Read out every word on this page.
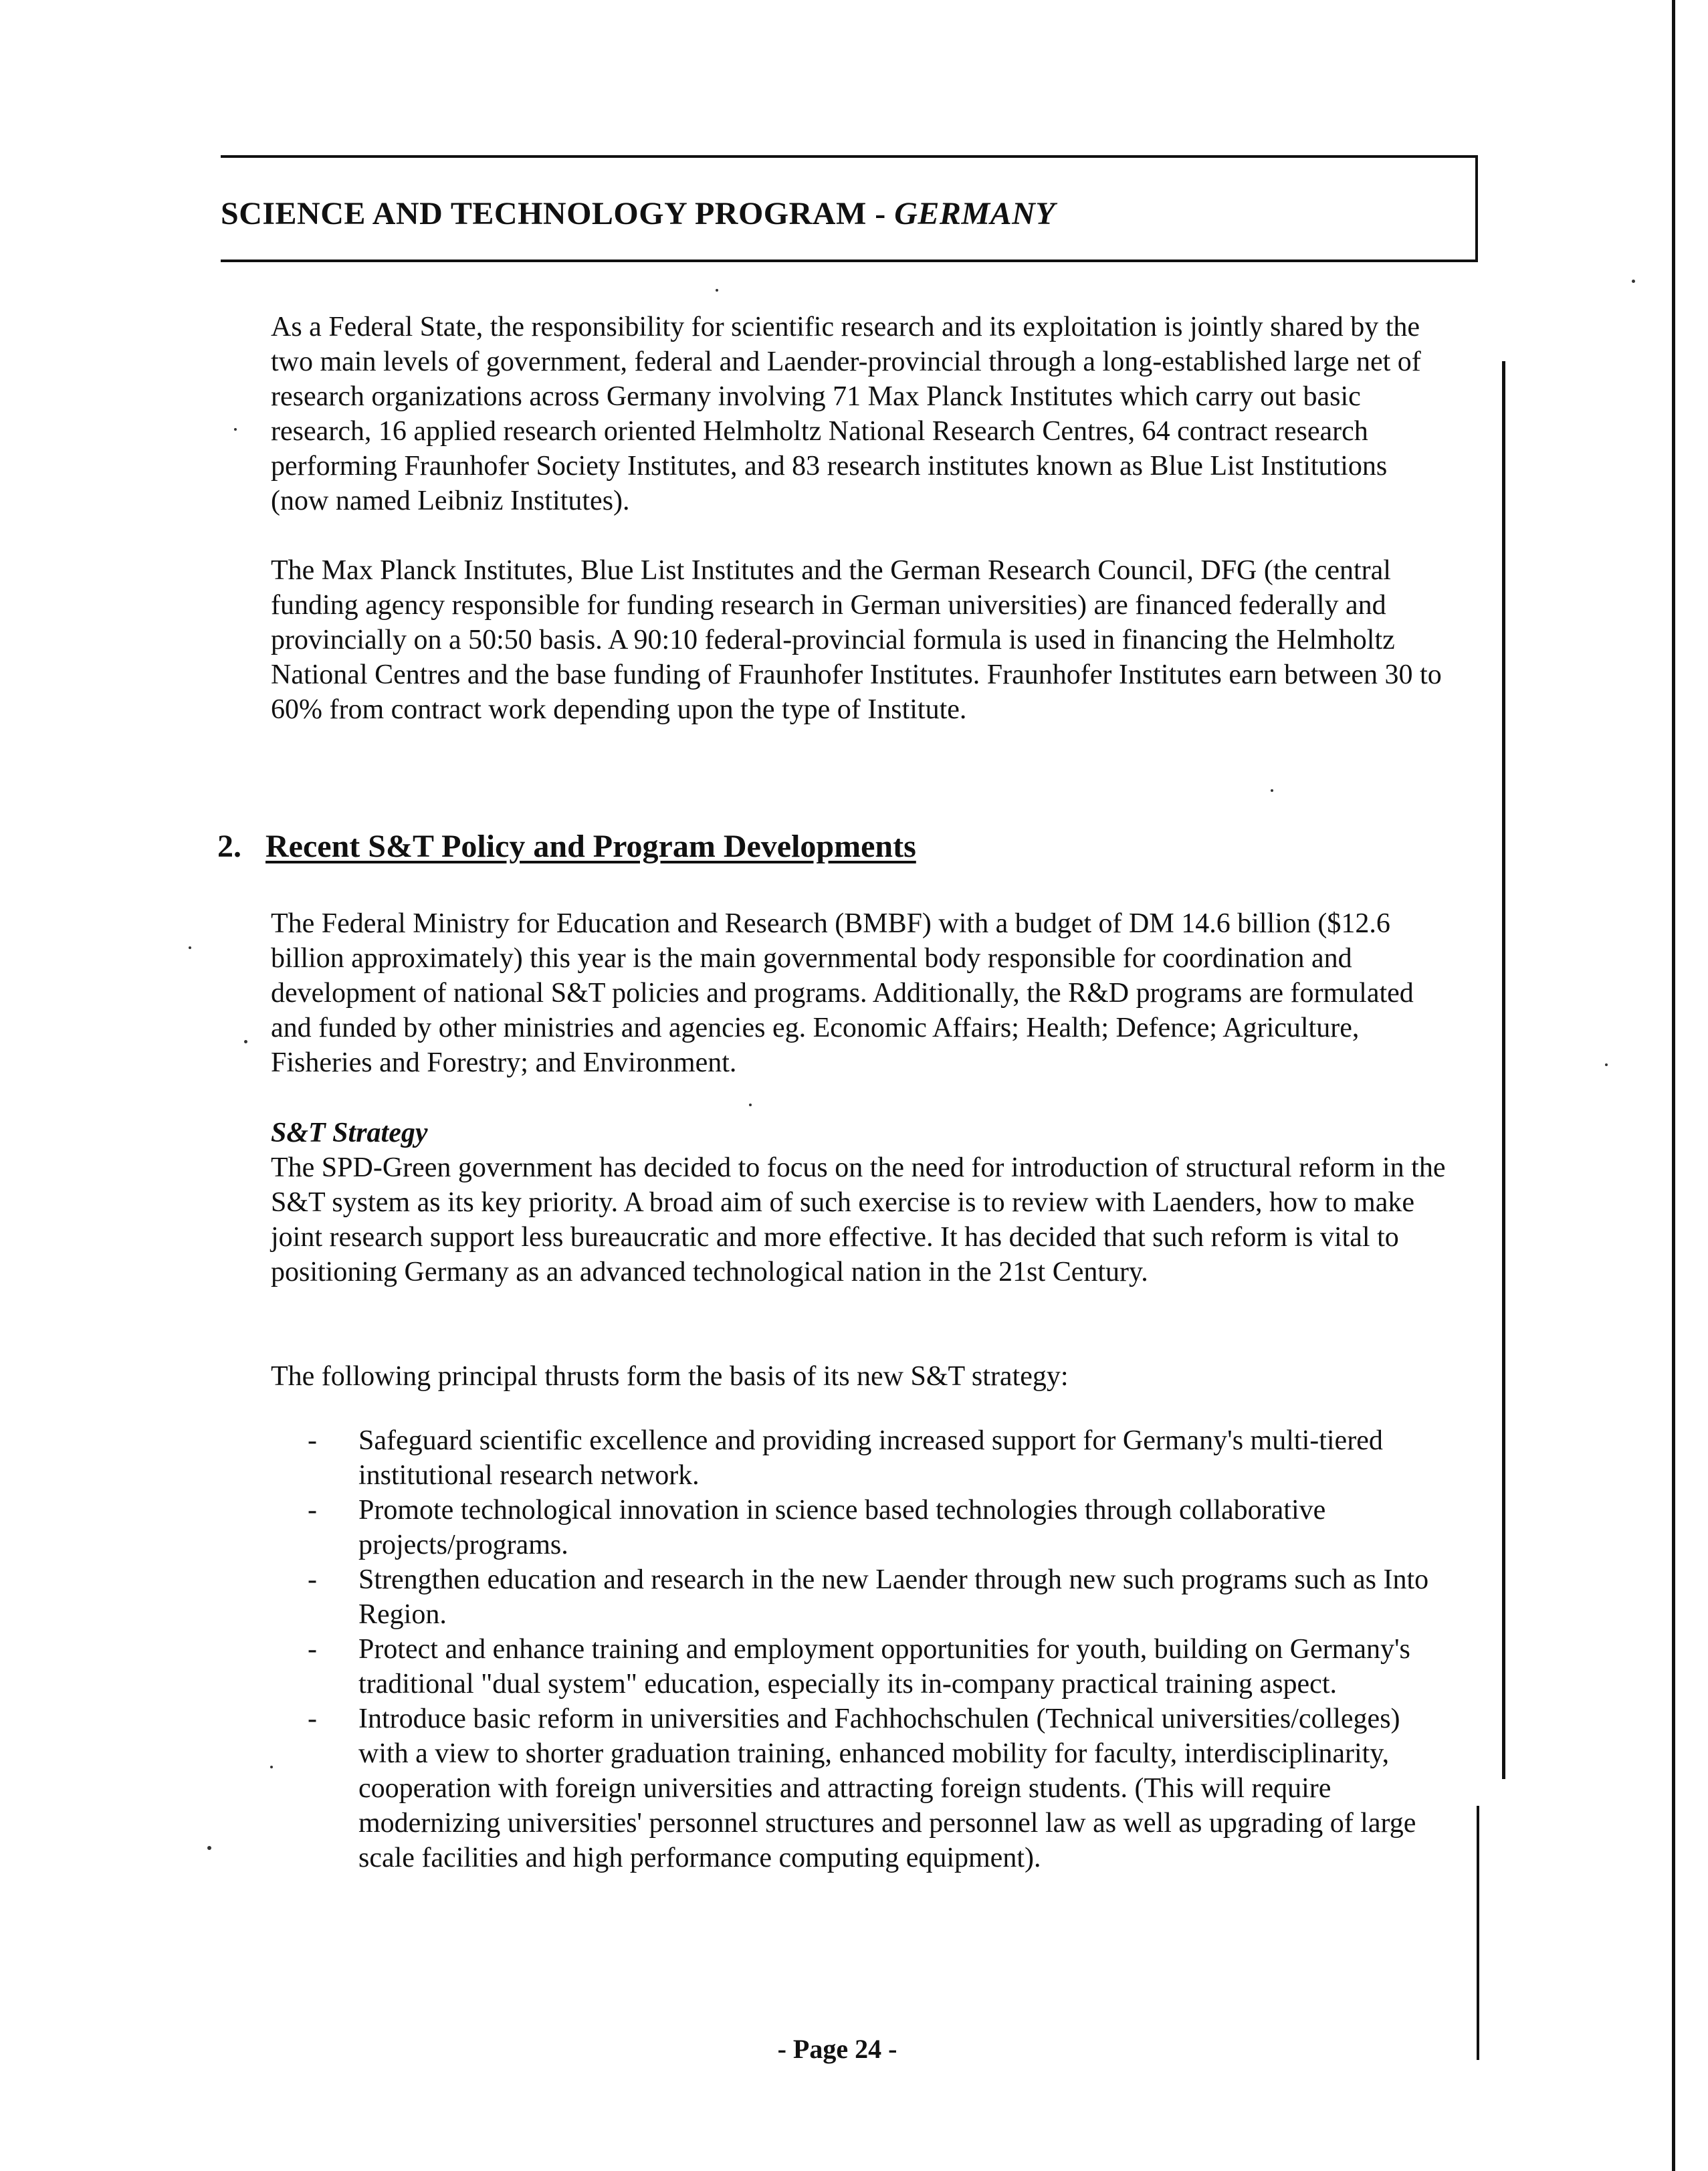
SCIENCE AND TECHNOLOGY PROGRAM - GERMANY

As a Federal State, the responsibility for scientific research and its exploitation is jointly shared by the two main levels of government, federal and Laender-provincial through a long-established large net of research organizations across Germany involving 71 Max Planck Institutes which carry out basic research, 16 applied research oriented Helmholtz National Research Centres, 64 contract research performing Fraunhofer Society Institutes, and 83 research institutes known as Blue List Institutions (now named Leibniz Institutes).

The Max Planck Institutes, Blue List Institutes and the German Research Council, DFG (the central funding agency responsible for funding research in German universities) are financed federally and provincially on a 50:50 basis. A 90:10 federal-provincial formula is used in financing the Helmholtz National Centres and the base funding of Fraunhofer Institutes. Fraunhofer Institutes earn between 30 to 60% from contract work depending upon the type of Institute.

2. Recent S&T Policy and Program Developments

The Federal Ministry for Education and Research (BMBF) with a budget of DM 14.6 billion ($12.6 billion approximately) this year is the main governmental body responsible for coordination and development of national S&T policies and programs. Additionally, the R&D programs are formulated and funded by other ministries and agencies eg. Economic Affairs; Health; Defence; Agriculture, Fisheries and Forestry; and Environment.

S&T Strategy

The SPD-Green government has decided to focus on the need for introduction of structural reform in the S&T system as its key priority. A broad aim of such exercise is to review with Laenders, how to make joint research support less bureaucratic and more effective. It has decided that such reform is vital to positioning Germany as an advanced technological nation in the 21st Century.

The following principal thrusts form the basis of its new S&T strategy:

- Safeguard scientific excellence and providing increased support for Germany's multi-tiered institutional research network.
- Promote technological innovation in science based technologies through collaborative projects/programs.
- Strengthen education and research in the new Laender through new such programs such as Into Region.
- Protect and enhance training and employment opportunities for youth, building on Germany's traditional "dual system" education, especially its in-company practical training aspect.
- Introduce basic reform in universities and Fachhochschulen (Technical universities/colleges) with a view to shorter graduation training, enhanced mobility for faculty, interdisciplinarity, cooperation with foreign universities and attracting foreign students. (This will require modernizing universities' personnel structures and personnel law as well as upgrading of large scale facilities and high performance computing equipment).
- Page 24 -
